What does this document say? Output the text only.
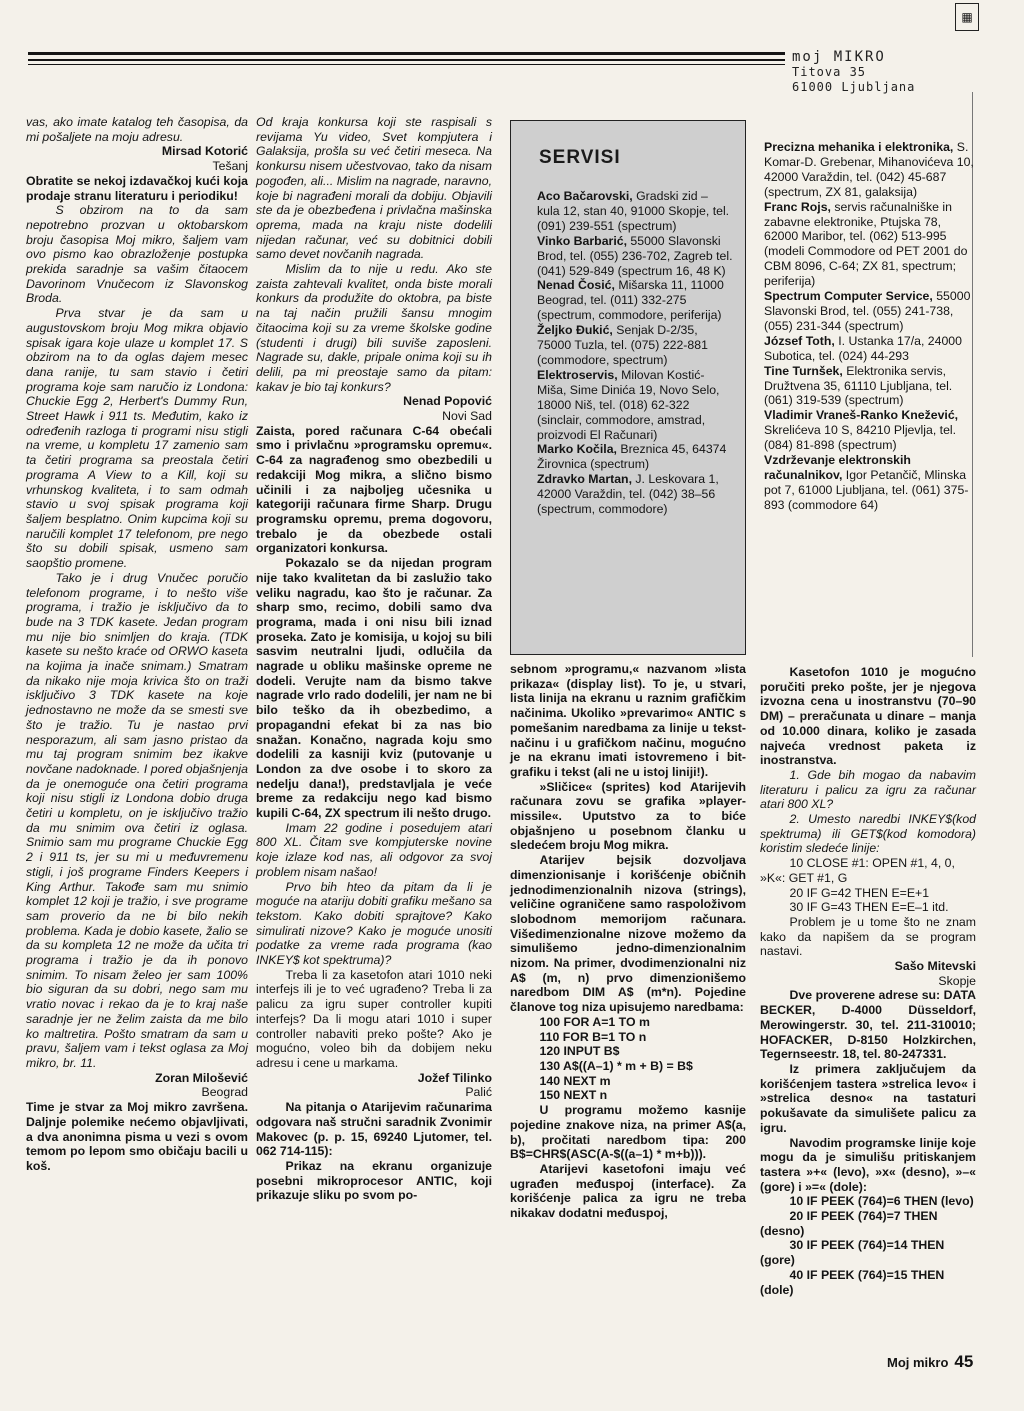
▦
moj MIKRO
Titova 35
61000 Ljubljana

vas, ako imate katalog teh časopisa, da mi pošaljete na moju adresu.

Mirsad Kotorić

Tešanj

Obratite se nekoj izdavačkoj kući koja prodaje stranu literaturu i periodiku!

S obzirom na to da sam nepotrebno prozvan u oktobarskom broju časopisa Moj mikro, šaljem vam ovo pismo kao obrazloženje postupka prekida saradnje sa vašim čitaocem Davorinom Vnučecom iz Slavonskog Broda.

Prva stvar je da sam u augustovskom broju Mog mikra objavio spisak igara koje ulaze u komplet 17. S obzirom na to da oglas dajem mesec dana ranije, tu sam stavio i četiri programa koje sam naručio iz Londona: Chuckie Egg 2, Herbert's Dummy Run, Street Hawk i 911 ts. Međutim, kako iz određenih razloga ti programi nisu stigli na vreme, u kompletu 17 zamenio sam ta četiri programa sa preostala četiri programa A View to a Kill, koji su vrhunskog kvaliteta, i to sam odmah stavio u svoj spisak programa koji šaljem besplatno. Onim kupcima koji su naručili komplet 17 telefonom, pre nego što su dobili spisak, usmeno sam saopštio promene.

Tako je i drug Vnučec poručio telefonom programe, i to nešto više programa, i tražio je isključivo da to bude na 3 TDK kasete. Jedan program mu nije bio snimljen do kraja. (TDK kasete su nešto kraće od ORWO kaseta na kojima ja inače snimam.) Smatram da nikako nije moja krivica što on traži isključivo 3 TDK kasete na koje jednostavno ne može da se smesti sve što je tražio. Tu je nastao prvi nesporazum, ali sam jasno pristao da mu taj program snimim bez ikakve novčane nadoknade. I pored objašnjenja da je onemoguće ona četiri programa koji nisu stigli iz Londona dobio druga četiri u kompletu, on je isključivo tražio da mu snimim ova četiri iz oglasa. Snimio sam mu programe Chuckie Egg 2 i 911 ts, jer su mi u međuvremenu stigli, i još programe Finders Keepers i King Arthur. Takođe sam mu snimio komplet 12 koji je tražio, i sve programe sam proverio da ne bi bilo nekih problema. Kada je dobio kasete, žalio se da su kompleta 12 ne može da učita tri programa i tražio je da ih ponovo snimim. To nisam želeo jer sam 100% bio siguran da su dobri, nego sam mu vratio novac i rekao da je to kraj naše saradnje jer ne želim zaista da me bilo ko maltretira. Pošto smatram da sam u pravu, šaljem vam i tekst oglasa za Moj mikro, br. 11.

Zoran Milošević

Beograd

Time je stvar za Moj mikro završena. Daljnje polemike nećemo objavljivati, a dva anonimna pisma u vezi s ovom temom po lepom smo običaju bacili u koš.

Od kraja konkursa koji ste raspisali s revijama Yu video, Svet kompjutera i Galaksija, prošla su već četiri meseca. Na konkursu nisem učestvovao, tako da nisam pogođen, ali... Mislim na nagrade, naravno, koje bi nagrađeni morali da dobiju. Objavili ste da je obezbeđena i privlačna mašinska oprema, mada na kraju niste dodelili nijedan računar, već su dobitnici dobili samo devet novčanih nagrada.

Mislim da to nije u redu. Ako ste zaista zahtevali kvalitet, onda biste morali konkurs da produžite do oktobra, pa biste na taj način pružili šansu mnogim čitaocima koji su za vreme školske godine (studenti i drugi) bili suviše zaposleni. Nagrade su, dakle, pripale onima koji su ih delili, pa mi preostaje samo da pitam: kakav je bio taj konkurs?

Nenad Popović

Novi Sad

Zaista, pored računara C-64 obećali smo i privlačnu »programsku opremu«. C-64 za nagrađenog smo obezbedili u redakciji Mog mikra, a slično bismo učinili i za najboljeg učesnika u kategoriji računara firme Sharp. Drugu programsku opremu, prema dogovoru, trebalo je da obezbede ostali organizatori konkursa.

Pokazalo se da nijedan program nije tako kvalitetan da bi zaslužio tako veliku nagradu, kao što je računar. Za sharp smo, recimo, dobili samo dva programa, mada i oni nisu bili iznad proseka. Zato je komisija, u kojoj su bili sasvim neutralni ljudi, odlučila da nagrade u obliku mašinske opreme ne dodeli. Verujte nam da bismo takve nagrade vrlo rado dodelili, jer nam ne bi bilo teško da ih obezbedimo, a propagandni efekat bi za nas bio snažan. Konačno, nagrada koju smo dodelili za kasniji kviz (putovanje u London za dve osobe i to skoro za nedelju dana!), predstavljala je veće breme za redakciju nego kad bismo kupili C-64, ZX spectrum ili nešto drugo.

Imam 22 godine i posedujem atari 800 XL. Čitam sve kompjuterske novine koje izlaze kod nas, ali odgovor za svoj problem nisam našao!

Prvo bih hteo da pitam da li je moguće na atariju dobiti grafiku mešano sa tekstom. Kako dobiti sprajtove? Kako simulirati nizove? Kako je moguće unositi podatke za vreme rada programa (kao INKEY$ kot spektruma)?

Treba li za kasetofon atari 1010 neki interfejs ili je to već ugrađeno? Treba li za palicu za igru super controller kupiti interfejs? Da li mogu atari 1010 i super controller nabaviti preko pošte? Ako je mogućno, voleo bih da dobijem neku adresu i cene u markama.

Jožef Tilinko

Palić

Na pitanja o Atarijevim računarima odgovara naš stručni saradnik Zvonimir Makovec (p. p. 15, 69240 Ljutomer, tel. 062 714-115):

Prikaz na ekranu organizuje posebni mikroprocesor ANTIC, koji prikazuje sliku po svom po-

SERVISI

Aco Bačarovski, Gradski zid – kula 12, stan 40, 91000 Skopje, tel. (091) 239-551 (spectrum)

Vinko Barbarić, 55000 Slavonski Brod, tel. (055) 236-702, Zagreb tel. (041) 529-849 (spectrum 16, 48 K)

Nenad Čosić, Mišarska 11, 11000 Beograd, tel. (011) 332-275 (spectrum, commodore, periferija)

Željko Đukić, Senjak D-2/35, 75000 Tuzla, tel. (075) 222-881 (commodore, spectrum)

Elektroservis, Milovan Kostić-Miša, Sime Dinića 19, Novo Selo, 18000 Niš, tel. (018) 62-322 (sinclair, commodore, amstrad, proizvodi El Računari)

Marko Kočila, Breznica 45, 64374 Žirovnica (spectrum)

Zdravko Martan, J. Leskovara 1, 42000 Varaždin, tel. (042) 38–56 (spectrum, commodore)

Precizna mehanika i elektronika, S. Komar-D. Grebenar, Mihanovićeva 10, 42000 Varaždin, tel. (042) 45-687 (spectrum, ZX 81, galaksija)

Franc Rojs, servis računalniške in zabavne elektronike, Ptujska 78, 62000 Maribor, tel. (062) 513-995 (modeli Commodore od PET 2001 do CBM 8096, C-64; ZX 81, spectrum; periferija)

Spectrum Computer Service, 55000 Slavonski Brod, tel. (055) 241-738, (055) 231-344 (spectrum)

József Toth, I. Ustanka 17/a, 24000 Subotica, tel. (024) 44-293

Tine Turnšek, Elektronika servis, Družtvena 35, 61110 Ljubljana, tel. (061) 319-539 (spectrum)

Vladimir Vraneš-Ranko Knežević, Skrelićeva 10 S, 84210 Pljevlja, tel. (084) 81-898 (spectrum)

Vzdrževanje elektronskih računalnikov, Igor Petančič, Mlinska pot 7, 61000 Ljubljana, tel. (061) 375-893 (commodore 64)

sebnom »programu,« nazvanom »lista prikaza« (display list). To je, u stvari, lista linija na ekranu u raznim grafičkim načinima. Ukoliko »prevarimo« ANTIC s pomešanim naredbama za linije u tekst-načinu i u grafičkom načinu, mogućno je na ekranu imati istovremeno i bit-grafiku i tekst (ali ne u istoj liniji!).

»Sličice« (sprites) kod Atarijevih računara zovu se grafika »player-missile«. Uputstvo za to biće objašnjeno u posebnom članku u sledećem broju Mog mikra.

Atarijev bejsik dozvoljava dimenzionisanje i korišćenje običnih jednodimenzionalnih nizova (strings), veličine ograničene samo raspoloživom slobodnom memorijom računara. Višedimenzionalne nizove možemo da simulišemo jedno-dimenzionalnim nizom. Na primer, dvodimenzionalni niz A$ (m, n) prvo dimenzionišemo naredbom DIM A$ (m*n). Pojedine članove tog niza upisujemo naredbama:

100 FOR A=1 TO m

110 FOR B=1 TO n

120 INPUT B$

130 A$((A–1) * m + B) = B$

140 NEXT m

150 NEXT n

U programu možemo kasnije pojedine znakove niza, na primer A$(a, b), pročitati naredbom tipa: 200 B$=CHR$(ASC(A-$((a–1) * m+b))).

Atarijevi kasetofoni imaju već ugrađen međuspoj (interface). Za korišćenje palica za igru ne treba nikakav dodatni međuspoj,

Kasetofon 1010 je mogućno poručiti preko pošte, jer je njegova izvozna cena u inostranstvu (70–90 DM) – preračunata u dinare – manja od 10.000 dinara, koliko je zasada najveća vrednost paketa iz inostranstva.

1. Gde bih mogao da nabavim literaturu i palicu za igru za računar atari 800 XL?

2. Umesto naredbi INKEY$(kod spektruma) ili GET$(kod komodora) koristim sledeće linije:

10 CLOSE #1: OPEN #1, 4, 0, »K«: GET #1, G

20 IF G=42 THEN E=E+1

30 IF G=43 THEN E=E–1 itd.

Problem je u tome što ne znam kako da napišem da se program nastavi.

Sašo Mitevski

Skopje

Dve proverene adrese su: DATA BECKER, D-4000 Düsseldorf, Merowingerstr. 30, tel. 211-310010; HOFACKER, D-8150 Holzkirchen, Tegernseestr. 18, tel. 80-247331.

Iz primera zaključujem da korišćenjem tastera »strelica levo« i »strelica desno« na tastaturi pokušavate da simulišete palicu za igru.

Navodim programske linije koje mogu da je simulišu pritiskanjem tastera »+« (levo), »x« (desno), »–« (gore) i »=« (dole):

10 IF PEEK (764)=6 THEN (levo)

20 IF PEEK (764)=7 THEN (desno)

30 IF PEEK (764)=14 THEN (gore)

40 IF PEEK (764)=15 THEN (dole)

Moj mikro 45
